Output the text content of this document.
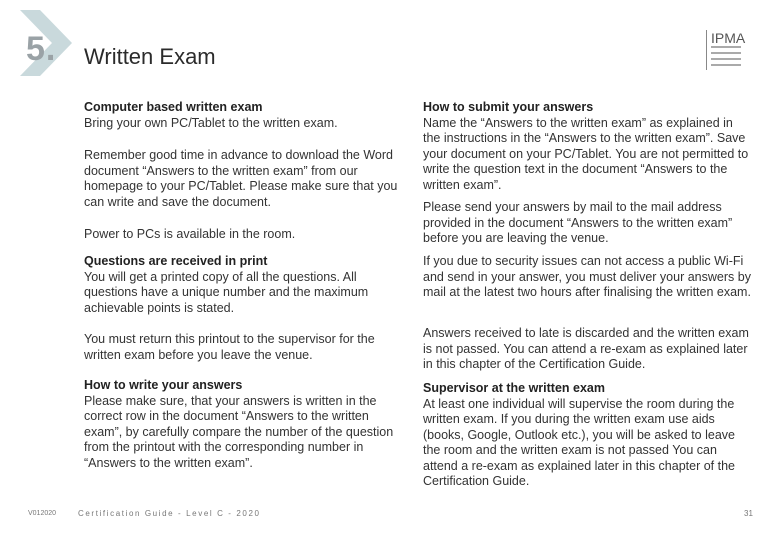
5. Written Exam
IPMA
Computer based written exam
Bring your own PC/Tablet to the written exam.
Remember good time in advance to download the Word document “Answers to the written exam” from our homepage to your PC/Tablet. Please make sure that you can write and save the document.
Power to PCs is available in the room.
Questions are received in print
You will get a printed copy of all the questions. All questions have a unique number and the maximum achievable points is stated.
You must return this printout to the supervisor for the written exam before you leave the venue.
How to write your answers
Please make sure, that your answers is written in the correct row in the document “Answers to the written exam”, by carefully compare the number of the question from the printout with the corresponding number in “Answers to the written exam”.
How to submit your answers
Name the “Answers to the written exam” as explained in the instructions in the “Answers to the written exam”. Save your document on your PC/Tablet. You are not permitted to write the question text in the document “Answers to the written exam”.
Please send your answers by mail to the mail address provided in the document “Answers to the written exam” before you are leaving the venue.
If you due to security issues can not access a public Wi-Fi and send in your answer, you must deliver your answers by mail at the latest two hours after finalising the written exam.
Answers received to late is discarded and the written exam is not passed. You can attend a re-exam as explained later in this chapter of the Certification Guide.
Supervisor at the written exam
At least one individual will supervise the room during the written exam. If you during the written exam use aids (books, Google, Outlook etc.), you will be asked to leave the room and the written exam is not passed You can attend a re-exam as explained later in this chapter of the Certification Guide.
V012020	Certification Guide - Level C - 2020	31
